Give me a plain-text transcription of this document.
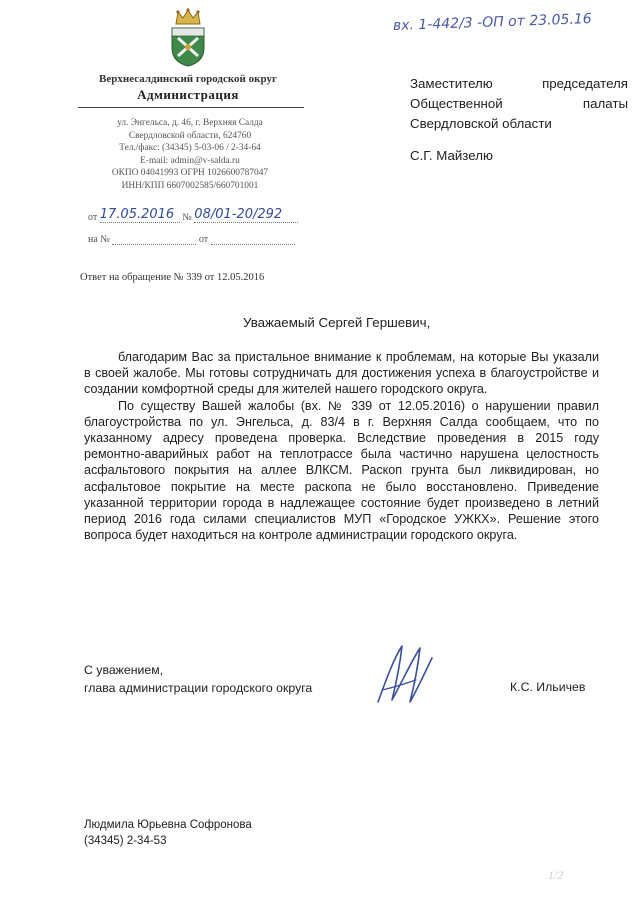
Верхнесалдинский городской округ
Администрация
ул. Энгельса, д. 46, г. Верхняя Салда
Свердловской области, 624760
Тел./факс: (34345) 5-03-06 / 2-34-64
E-mail: admin@v-salda.ru
ОКПО 04041993 ОГРН 1026600787047
ИНН/КПП 6607002585/660701001
от 17.05.2016 № 08/01-20/292
на №	от
вх. 1-442/3 -ОП от 23.05.16
Заместителю	председателя
Общественной	палаты
Свердловской области
С.Г. Майзелю
Ответ на обращение № 339 от 12.05.2016
Уважаемый Сергей Гершевич,

благодарим Вас за пристальное внимание к проблемам, на которые Вы указали в своей жалобе. Мы готовы сотрудничать для достижения успеха в благоустройстве и создании комфортной среды для жителей нашего городского округа.

По существу Вашей жалобы (вх. № 339 от 12.05.2016) о нарушении правил благоустройства по ул. Энгельса, д. 83/4 в г. Верхняя Салда сообщаем, что по указанному адресу проведена проверка. Вследствие проведения в 2015 году ремонтно-аварийных работ на теплотрассе была частично нарушена целостность асфальтового покрытия на аллее ВЛКСМ. Раскоп грунта был ликвидирован, но асфальтовое покрытие на месте раскопа не было восстановлено. Приведение указанной территории города в надлежащее состояние будет произведено в летний период 2016 года силами специалистов МУП «Городское УЖКХ». Решение этого вопроса будет находиться на контроле администрации городского округа.

С уважением,
глава администрации городского округа	К.С. Ильичев
Людмила Юрьевна Софронова
(34345) 2-34-53
1/2
